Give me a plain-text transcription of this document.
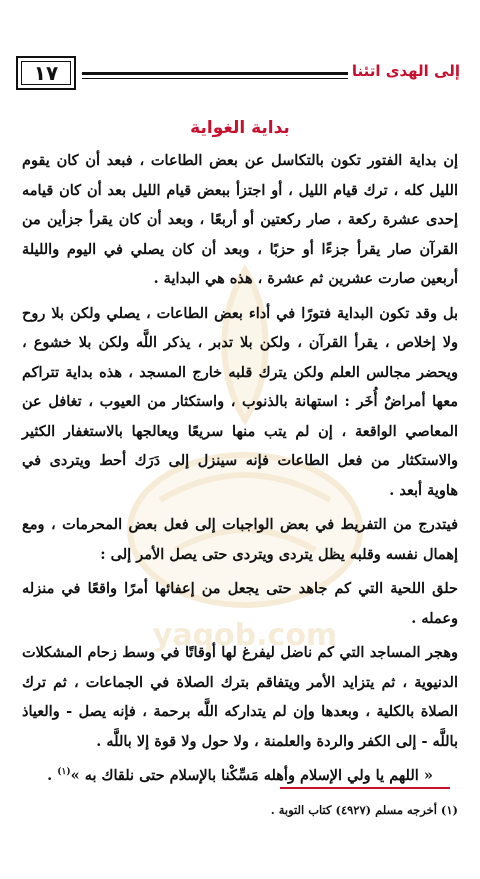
١٧	إلى الهدى اتئنا
yaqob.com
بداية الغواية

إن بداية الفتور تكون بالتكاسل عن بعض الطاعات ، فبعد أن كان يقوم الليل كله ، ترك قيام الليل ، أو اجتزأ ببعض قيام الليل بعد أن كان قيامه إحدى عشرة ركعة ، صار ركعتين أو أربعًا ، وبعد أن كان يقرأ جزأين من القرآن صار يقرأ جزءًا أو حزبًا ، وبعد أن كان يصلي في اليوم والليلة أربعين صارت عشرين ثم عشرة ، هذه هي البداية .

بل وقد تكون البداية فتورًا في أداء بعض الطاعات ، يصلي ولكن بلا روح ولا إخلاص ، يقرأ القرآن ، ولكن بلا تدبر ، يذكر اللَّه ولكن بلا خشوع ، ويحضر مجالس العلم ولكن يترك قلبه خارج المسجد ، هذه بداية تتراكم معها أمراضٌ أُخَر : استهانة بالذنوب ، واستكثار من العيوب ، تغافل عن المعاصي الواقعة ، إن لم يتب منها سريعًا ويعالجها بالاستغفار الكثير والاستكثار من فعل الطاعات فإنه سينزل إلى دَرَك أحط ويتردى في هاوية أبعد .

فيتدرج من التفريط في بعض الواجبات إلى فعل بعض المحرمات ، ومع إهمال نفسه وقلبه يظل يتردى ويتردى حتى يصل الأمر إلى :

حلق اللحية التي كم جاهد حتى يجعل من إعفائها أمرًا واقعًا في منزله وعمله .

وهجر المساجد التي كم ناضل ليفرغ لها أوقاتًا في وسط زحام المشكلات الدنيوية ، ثم يتزايد الأمر ويتفاقم بترك الصلاة في الجماعات ، ثم ترك الصلاة بالكلية ، وبعدها وإن لم يتداركه اللَّه برحمة ، فإنه يصل - والعياذ باللَّه - إلى الكفر والردة والعلمنة ، ولا حول ولا قوة إلا باللَّه .

« اللهم يا ولي الإسلام وأهله مَسِّكْنا بالإسلام حتى نلقاك به »$^{(١)}$ .

(١) أخرجه مسلم (٤٩٢٧) كتاب التوبة .
